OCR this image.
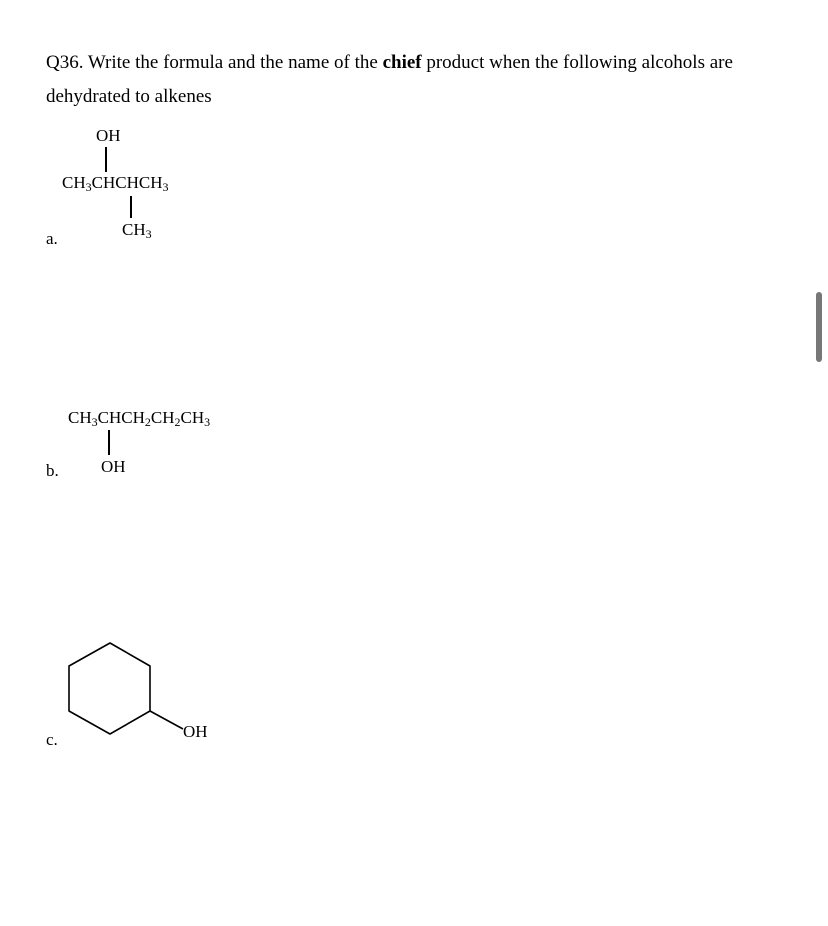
Q36. Write the formula and the name of the chief product when the following alcohols are
dehydrated to alkenes
a.
OH
$CH_3CHCHCH_3$
$CH_3$
b.
$CH_3CHCH_2CH_2CH_3$
OH
c.	OH
